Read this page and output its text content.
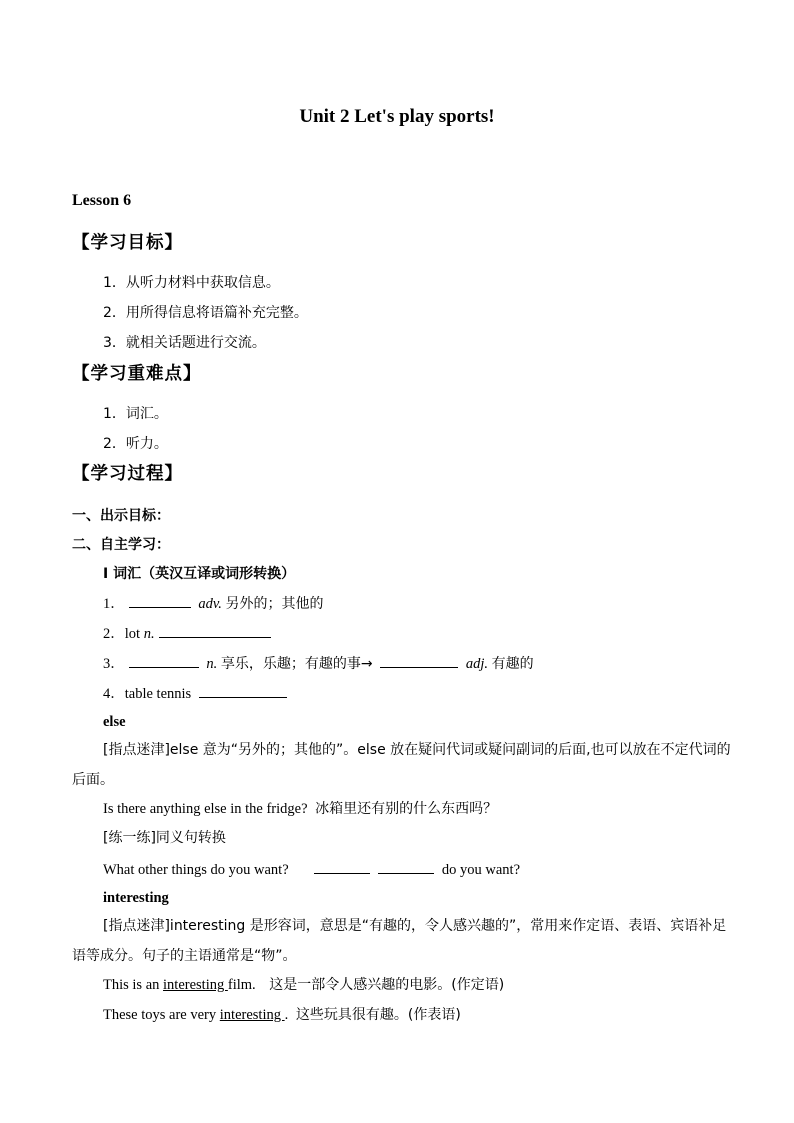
Unit 2 Let's play sports!
Lesson 6
【学习目标】
1．从听力材料中获取信息。
2．用所得信息将语篇补充完整。
3．就相关话题进行交流。
【学习重难点】
1．词汇。
2．听力。
【学习过程】
一、出示目标：
二、自主学习：
I 词汇（英汉互译或词形转换）
1．	adv. 另外的；其他的
2．lot n.
3．	n. 享乐，乐趣；有趣的事→	adj. 有趣的
4．table tennis
else
[指点迷津]else 意为“另外的；其他的”。else 放在疑问代词或疑问副词的后面,也可以放在不定代词的后面。
Is there anything else in the fridge? 冰箱里还有别的什么东西吗？
[练一练]同义句转换
What other things do you want?	do you want?
interesting
[指点迷津]interesting 是形容词，意思是“有趣的，令人感兴趣的”，常用来作定语、表语、宾语补足语等成分。句子的主语通常是“物”。
This is an interesting film. 这是一部令人感兴趣的电影。(作定语)
These toys are very interesting . 这些玩具很有趣。(作表语)
